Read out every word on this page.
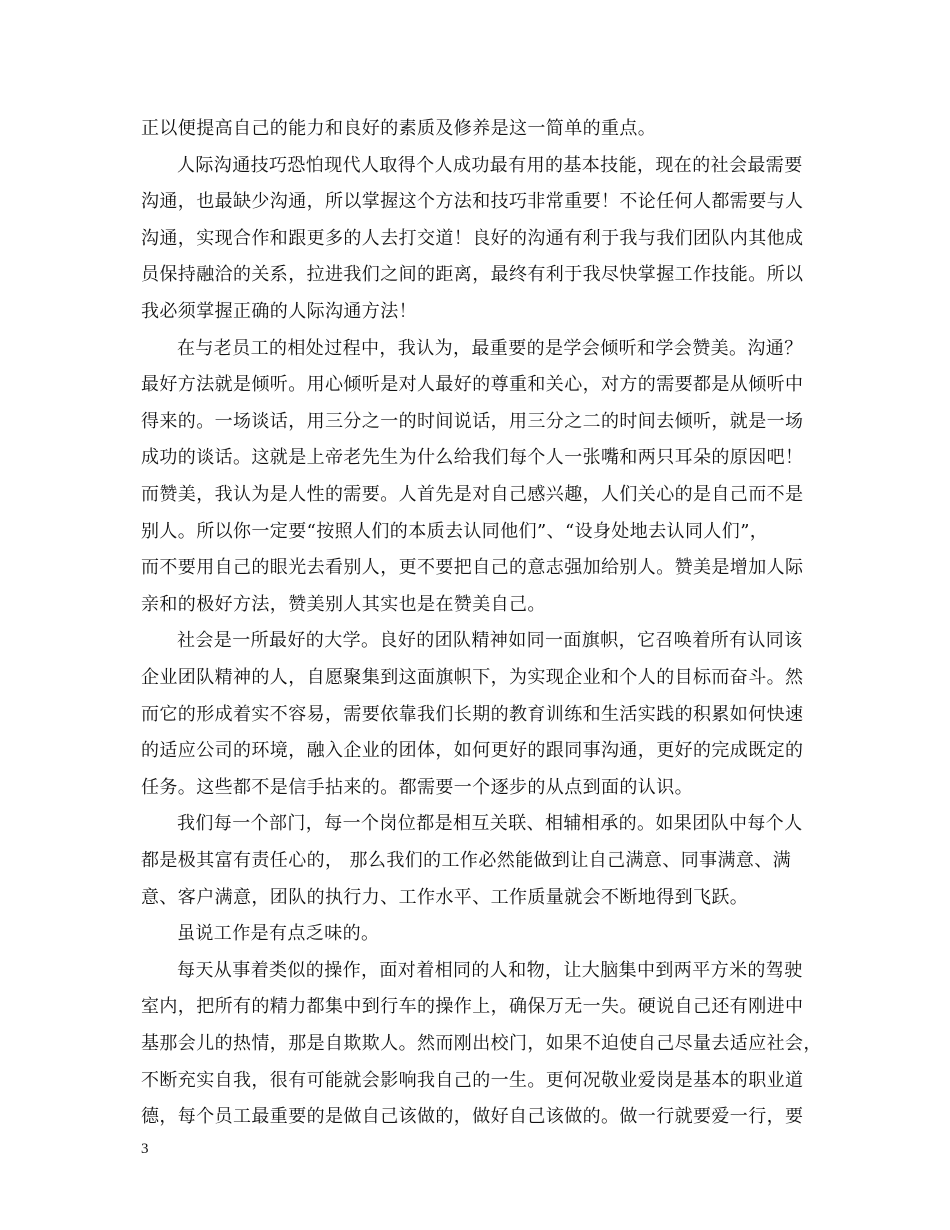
正以便提高自己的能力和良好的素质及修养是这一简单的重点。
人际沟通技巧恐怕现代人取得个人成功最有用的基本技能，现在的社会最需要
沟通，也最缺少沟通，所以掌握这个方法和技巧非常重要！不论任何人都需要与人
沟通，实现合作和跟更多的人去打交道！良好的沟通有利于我与我们团队内其他成
员保持融洽的关系，拉进我们之间的距离，最终有利于我尽快掌握工作技能。所以
我必须掌握正确的人际沟通方法！
在与老员工的相处过程中，我认为，最重要的是学会倾听和学会赞美。沟通？
最好方法就是倾听。用心倾听是对人最好的尊重和关心，对方的需要都是从倾听中
得来的。一场谈话，用三分之一的时间说话，用三分之二的时间去倾听，就是一场
成功的谈话。这就是上帝老先生为什么给我们每个人一张嘴和两只耳朵的原因吧！
而赞美，我认为是人性的需要。人首先是对自己感兴趣，人们关心的是自己而不是
别人。所以你一定要“按照人们的本质去认同他们”、“设身处地去认同人们”，
而不要用自己的眼光去看别人，更不要把自己的意志强加给别人。赞美是增加人际
亲和的极好方法，赞美别人其实也是在赞美自己。
社会是一所最好的大学。良好的团队精神如同一面旗帜，它召唤着所有认同该
企业团队精神的人，自愿聚集到这面旗帜下，为实现企业和个人的目标而奋斗。然
而它的形成着实不容易，需要依靠我们长期的教育训练和生活实践的积累如何快速
的适应公司的环境，融入企业的团体，如何更好的跟同事沟通，更好的完成既定的
任务。这些都不是信手拈来的。都需要一个逐步的从点到面的认识。
我们每一个部门，每一个岗位都是相互关联、相辅相承的。如果团队中每个人
都是极其富有责任心的， 那么我们的工作必然能做到让自己满意、同事满意、满
意、客户满意，团队的执行力、工作水平、工作质量就会不断地得到飞跃。
虽说工作是有点乏味的。
每天从事着类似的操作，面对着相同的人和物，让大脑集中到两平方米的驾驶
室内，把所有的精力都集中到行车的操作上，确保万无一失。硬说自己还有刚进中
基那会儿的热情，那是自欺欺人。然而刚出校门，如果不迫使自己尽量去适应社会，
不断充实自我，很有可能就会影响我自己的一生。更何况敬业爱岗是基本的职业道
德，每个员工最重要的是做自己该做的，做好自己该做的。做一行就要爱一行，要
3
